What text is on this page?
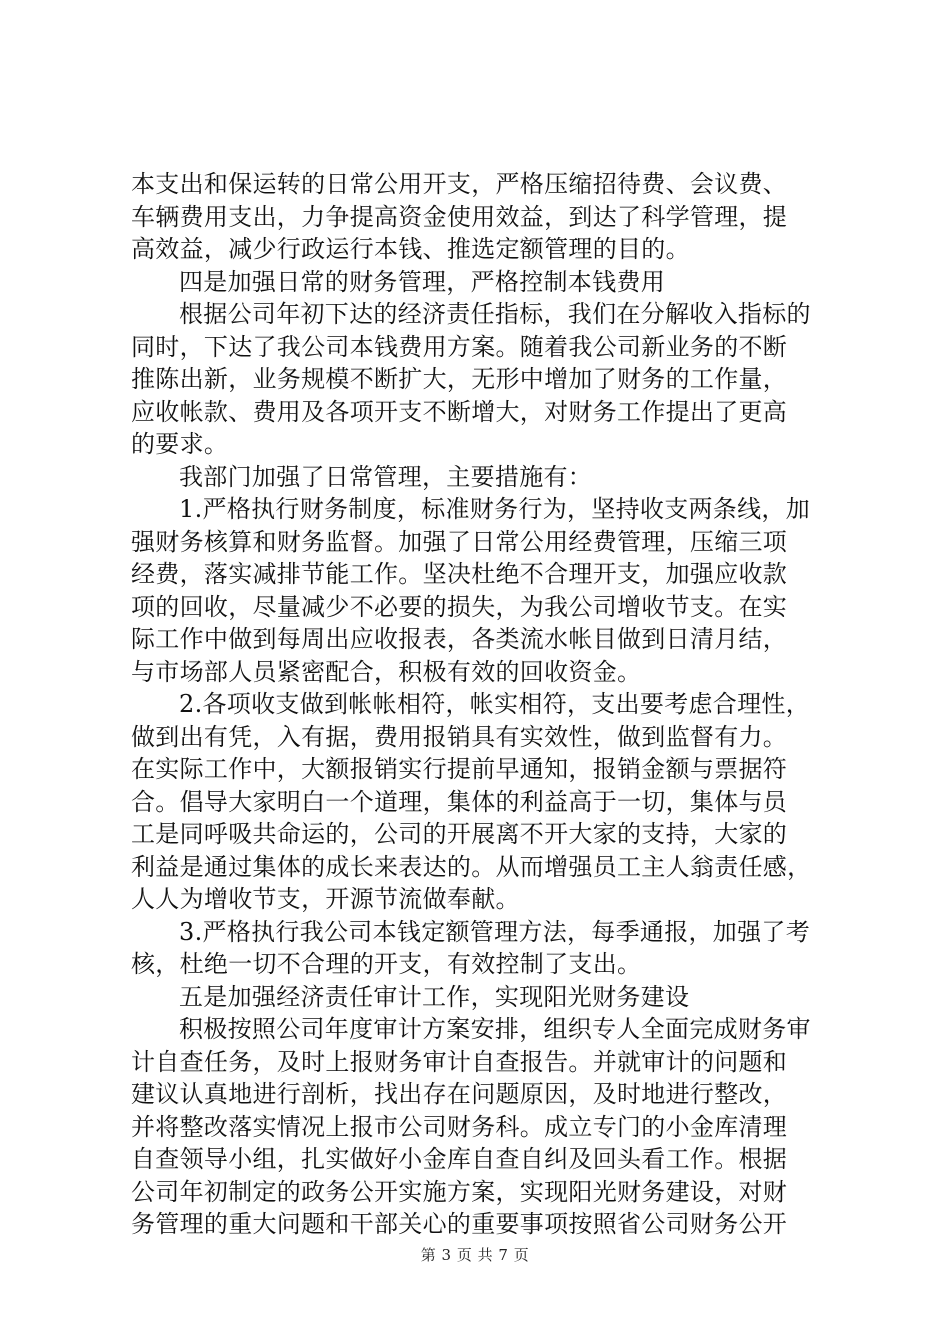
本支出和保运转的日常公用开支，严格压缩招待费、会议费、
车辆费用支出，力争提高资金使用效益，到达了科学管理，提
高效益，减少行政运行本钱、推选定额管理的目的。
四是加强日常的财务管理，严格控制本钱费用
根据公司年初下达的经济责任指标，我们在分解收入指标的
同时，下达了我公司本钱费用方案。随着我公司新业务的不断
推陈出新，业务规模不断扩大，无形中增加了财务的工作量，
应收帐款、费用及各项开支不断增大，对财务工作提出了更高
的要求。
我部门加强了日常管理，主要措施有：
1.严格执行财务制度，标准财务行为，坚持收支两条线，加
强财务核算和财务监督。加强了日常公用经费管理，压缩三项
经费，落实减排节能工作。坚决杜绝不合理开支，加强应收款
项的回收，尽量减少不必要的损失，为我公司增收节支。在实
际工作中做到每周出应收报表，各类流水帐目做到日清月结，
与市场部人员紧密配合，积极有效的回收资金。
2.各项收支做到帐帐相符，帐实相符，支出要考虑合理性，
做到出有凭，入有据，费用报销具有实效性，做到监督有力。
在实际工作中，大额报销实行提前早通知，报销金额与票据符
合。倡导大家明白一个道理，集体的利益高于一切，集体与员
工是同呼吸共命运的，公司的开展离不开大家的支持，大家的
利益是通过集体的成长来表达的。从而增强员工主人翁责任感，
人人为增收节支，开源节流做奉献。
3.严格执行我公司本钱定额管理方法，每季通报，加强了考
核，杜绝一切不合理的开支，有效控制了支出。
五是加强经济责任审计工作，实现阳光财务建设
积极按照公司年度审计方案安排，组织专人全面完成财务审
计自查任务，及时上报财务审计自查报告。并就审计的问题和
建议认真地进行剖析，找出存在问题原因，及时地进行整改，
并将整改落实情况上报市公司财务科。成立专门的小金库清理
自查领导小组，扎实做好小金库自查自纠及回头看工作。根据
公司年初制定的政务公开实施方案，实现阳光财务建设，对财
务管理的重大问题和干部关心的重要事项按照省公司财务公开
第 3 页 共 7 页
